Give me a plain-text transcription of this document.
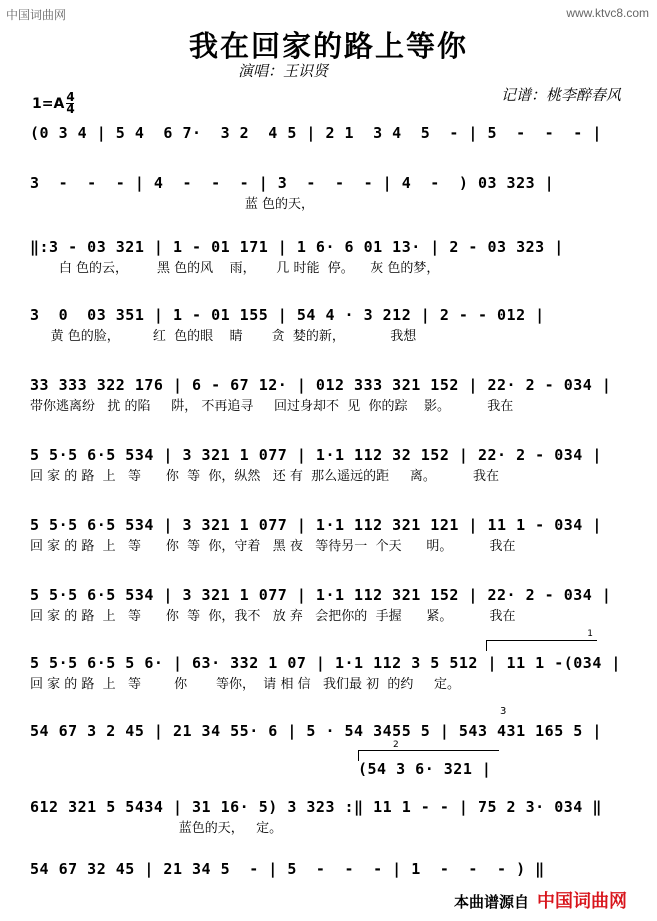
中国词曲网	www.ktvc8.com
我在回家的路上等你
演唱：王识贤
记谱：桃李醉春风
1=A 4
4
(0 3 4 | 5 4  6 7·  3 2  4 5 | 2 1  3 4  5  - | 5  -  -  - |
3  -  -  - | 4  -  -  - | 3  -  -  - | 4  -  ) 03 323 |
蓝 色的天，
‖:3 - 03 321 | 1 - 01 171 | 1 6· 6 01 13· | 2 - 03 323 |
白 色的云，       黑 色的风    雨，     几 时能  停。    灰 色的梦，
3  0  03 351 | 1 - 01 155 | 54 4 · 3 212 | 2 - - 012 |
黄 色的脸，        红  色的眼    睛       贪  婪的新，           我想
33 333 322 176 | 6 - 67 12· | 012 333 321 152 | 22· 2 - 034 |
带你逃离纷   扰 的陷     阱， 不再追寻     回过身却不  见  你的踪    影。         我在
5 5·5 6·5 534 | 3 321 1 077 | 1·1 112 32 152 | 22· 2 - 034 |
回 家 的 路  上   等      你  等  你，纵然   还 有  那么遥远的距     离。         我在
5 5·5 6·5 534 | 3 321 1 077 | 1·1 112 321 121 | 11 1 - 034 |
回 家 的 路  上   等      你  等  你，守着   黑 夜   等待另一  个天      明。         我在
5 5·5 6·5 534 | 3 321 1 077 | 1·1 112 321 152 | 22· 2 - 034 |
回 家 的 路  上   等      你  等  你，我不   放 弃   会把你的  手握      紧。         我在
1
5 5·5 6·5 5 6· | 63· 332 1 07 | 1·1 112 3 5 512 | 11 1 -(034 |
回 家 的 路  上   等        你       等你，  请 相 信   我们最 初  的约     定。
3
54 67 3 2 45 | 21 34 55· 6 | 5 · 54 3455 5 | 543 431 165 5 |
2
(54 3 6· 321 |
612 321 5 5434 | 31 16· 5) 3 323 :‖ 11 1 - - | 75 2 3· 034 ‖
蓝色的天，   定。
54 67 32 45 | 21 34 5  - | 5  -  -  - | 1  -  -  - ) ‖
本曲谱源自 中国词曲网
